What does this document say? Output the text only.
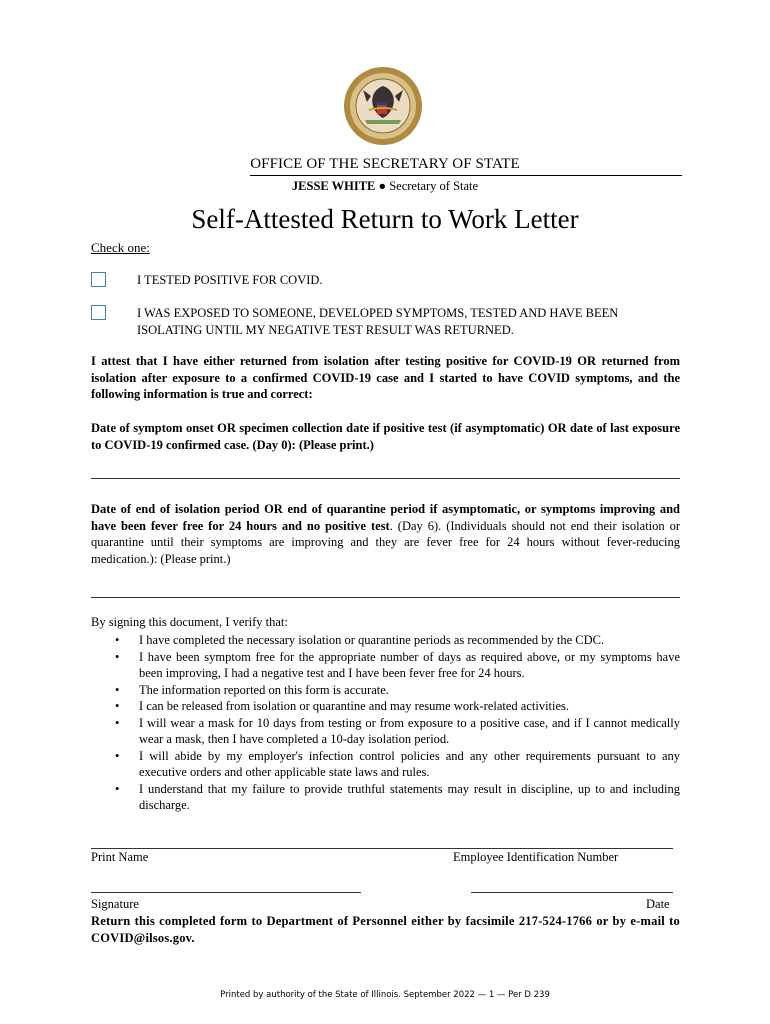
OFFICE OF THE SECRETARY OF STATE
JESSE WHITE ● Secretary of State
Self-Attested Return to Work Letter
Check one:
I TESTED POSITIVE FOR COVID.
I WAS EXPOSED TO SOMEONE, DEVELOPED SYMPTOMS, TESTED AND HAVE BEEN
ISOLATING UNTIL MY NEGATIVE TEST RESULT WAS RETURNED.
I attest that I have either returned from isolation after testing positive for COVID-19 OR returned from isolation after exposure to a confirmed COVID-19 case and I started to have COVID symptoms, and the following information is true and correct:
Date of symptom onset OR specimen collection date if positive test (if asymptomatic) OR date of last exposure to COVID-19 confirmed case. (Day 0): (Please print.)
Date of end of isolation period OR end of quarantine period if asymptomatic, or symptoms improving and have been fever free for 24 hours and no positive test. (Day 6). (Individuals should not end their isolation or quarantine until their symptoms are improving and they are fever free for 24 hours without fever-reducing medication.): (Please print.)
By signing this document, I verify that:
• I have completed the necessary isolation or quarantine periods as recommended by the CDC.
• I have been symptom free for the appropriate number of days as required above, or my symptoms have been improving, I had a negative test and I have been fever free for 24 hours.
• The information reported on this form is accurate.
• I can be released from isolation or quarantine and may resume work-related activities.
• I will wear a mask for 10 days from testing or from exposure to a positive case, and if I cannot medically wear a mask, then I have completed a 10-day isolation period.
• I will abide by my employer's infection control policies and any other requirements pursuant to any executive orders and other applicable state laws and rules.
• I understand that my failure to provide truthful statements may result in discipline, up to and including discharge.
Print Name	Employee Identification Number
Signature	Date
Return this completed form to Department of Personnel either by facsimile 217-524-1766 or by e-mail to COVID@ilsos.gov.
Printed by authority of the State of Illinois. September 2022 — 1 — Per D 239
